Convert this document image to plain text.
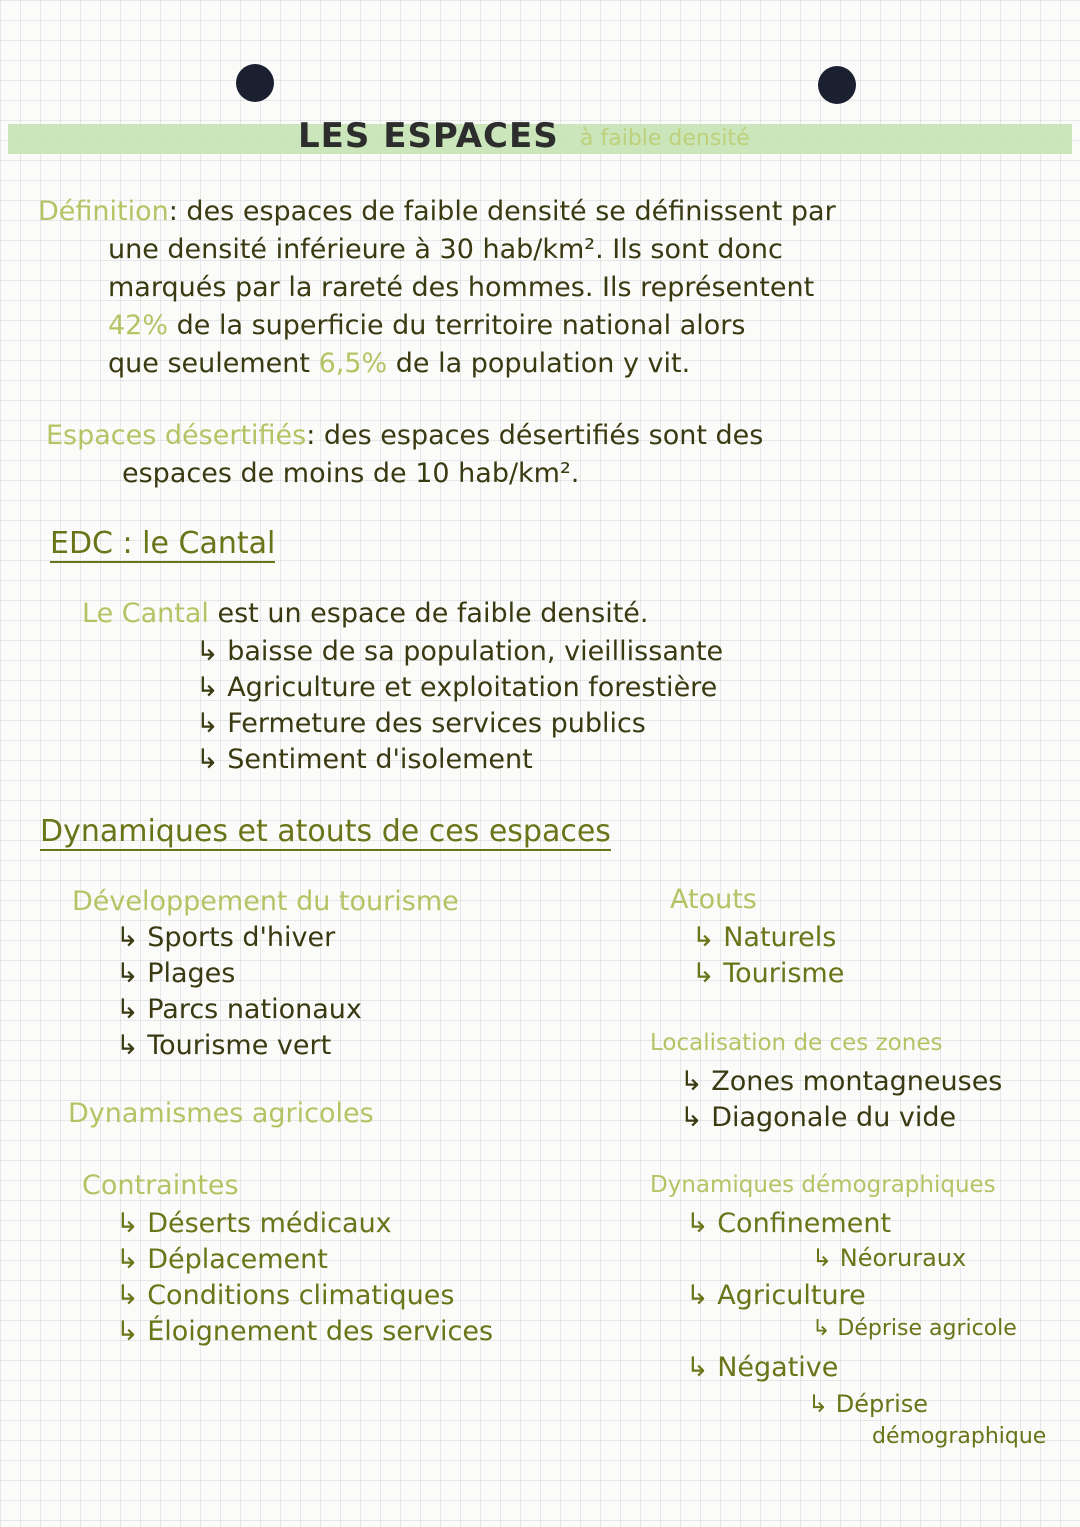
LES ESPACES à faible densité
Définition: des espaces de faible densité se définissent par
une densité inférieure à 30 hab/km². Ils sont donc
marqués par la rareté des hommes. Ils représentent
42% de la superficie du territoire national alors
que seulement 6,5% de la population y vit.
Espaces désertifiés: des espaces désertifiés sont des
espaces de moins de 10 hab/km².
EDC : le Cantal
Le Cantal est un espace de faible densité.
↳ baisse de sa population, vieillissante
↳ Agriculture et exploitation forestière
↳ Fermeture des services publics
↳ Sentiment d'isolement
Dynamiques et atouts de ces espaces
Développement du tourisme
↳ Sports d'hiver
↳ Plages
↳ Parcs nationaux
↳ Tourisme vert
Dynamismes agricoles
Contraintes
↳ Déserts médicaux
↳ Déplacement
↳ Conditions climatiques
↳ Éloignement des services
Atouts
↳ Naturels
↳ Tourisme
Localisation de ces zones
↳ Zones montagneuses
↳ Diagonale du vide
Dynamiques démographiques
↳ Confinement
↳ Néoruraux
↳ Agriculture
↳ Déprise agricole
↳ Négative
↳ Déprise
démographique
